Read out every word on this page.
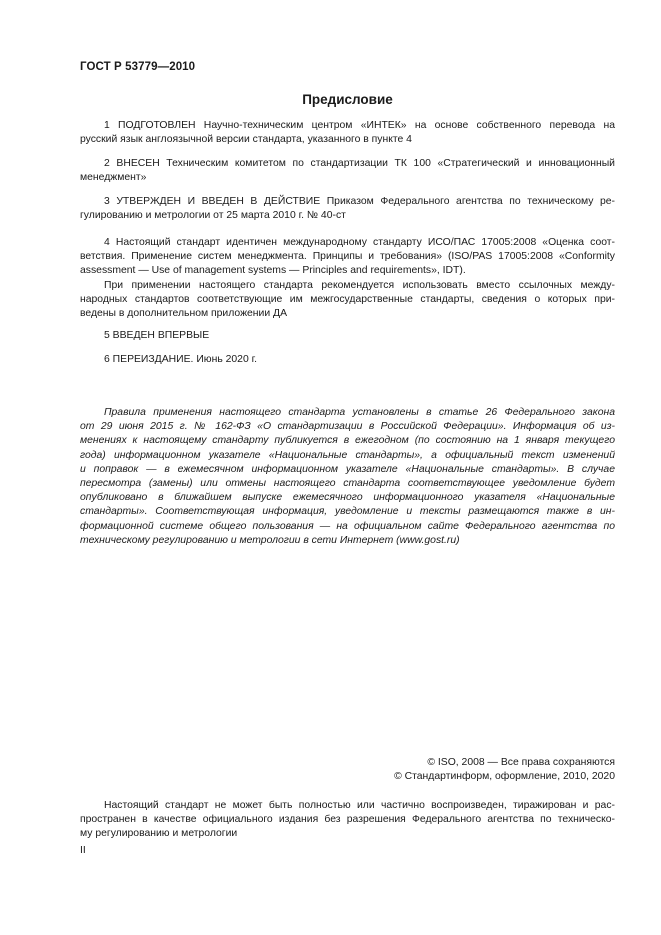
ГОСТ Р 53779—2010
Предисловие
1 ПОДГОТОВЛЕН Научно-техническим центром «ИНТЕК» на основе собственного перевода на
русский язык англоязычной версии стандарта, указанного в пункте 4
2 ВНЕСЕН Техническим комитетом по стандартизации ТК 100 «Стратегический и инновационный
менеджмент»
3 УТВЕРЖДЕН И ВВЕДЕН В ДЕЙСТВИЕ Приказом Федерального агентства по техническому ре-
гулированию и метрологии от 25 марта 2010 г. № 40-ст
4 Настоящий стандарт идентичен международному стандарту ИСО/ПАС 17005:2008 «Оценка соот-
ветствия. Применение систем менеджмента. Принципы и требования» (ISO/PAS 17005:2008 «Conformity
assessment — Use of management systems — Principles and requirements», IDT).
При применении настоящего стандарта рекомендуется использовать вместо ссылочных между-
народных стандартов соответствующие им межгосударственные стандарты, сведения о которых при-
ведены в дополнительном приложении ДА
5 ВВЕДЕН ВПЕРВЫЕ
6 ПЕРЕИЗДАНИЕ. Июнь 2020 г.
Правила применения настоящего стандарта установлены в статье 26 Федерального закона
от 29 июня 2015 г. № 162-ФЗ «О стандартизации в Российской Федерации». Информация об из-
менениях к настоящему стандарту публикуется в ежегодном (по состоянию на 1 января текущего
года) информационном указателе «Национальные стандарты», а официальный текст изменений
и поправок — в ежемесячном информационном указателе «Национальные стандарты». В случае
пересмотра (замены) или отмены настоящего стандарта соответствующее уведомление будет
опубликовано в ближайшем выпуске ежемесячного информационного указателя «Национальные
стандарты». Соответствующая информация, уведомление и тексты размещаются также в ин-
формационной системе общего пользования — на официальном сайте Федерального агентства по
техническому регулированию и метрологии в сети Интернет (www.gost.ru)
© ISO, 2008 — Все права сохраняются
© Стандартинформ, оформление, 2010, 2020
Настоящий стандарт не может быть полностью или частично воспроизведен, тиражирован и рас-
пространен в качестве официального издания без разрешения Федерального агентства по техническо-
му регулированию и метрологии
II
